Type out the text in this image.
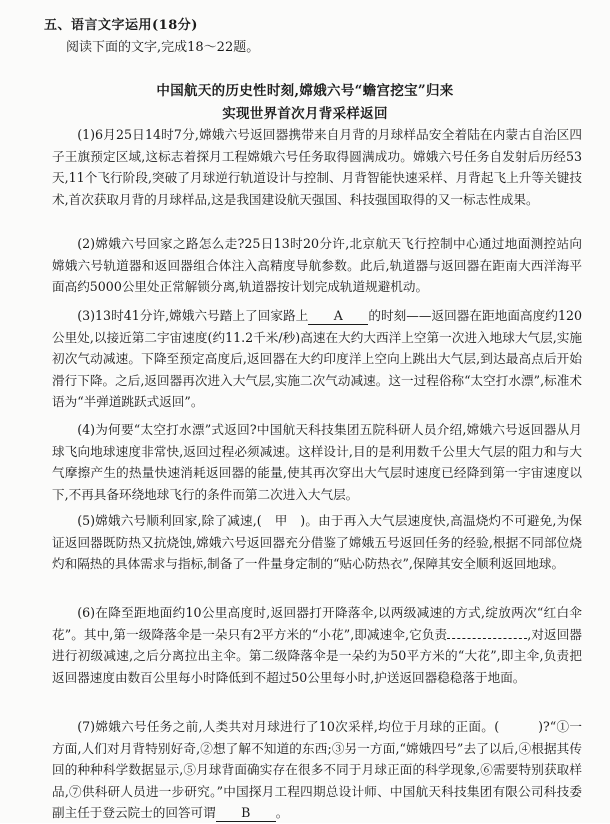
五、语言文字运用(18分)
阅读下面的文字,完成18～22题。
中国航天的历史性时刻,嫦娥六号“蟾宫挖宝”归来
实现世界首次月背采样返回
(1)6月25日14时7分,嫦娥六号返回器携带来自月背的月球样品安全着陆在内蒙古自治区四子王旗预定区域,这标志着探月工程嫦娥六号任务取得圆满成功。嫦娥六号任务自发射后历经53天,11个飞行阶段,突破了月球逆行轨道设计与控制、月背智能快速采样、月背起飞上升等关键技术,首次获取月背的月球样品,这是我国建设航天强国、科技强国取得的又一标志性成果。
(2)嫦娥六号回家之路怎么走?25日13时20分许,北京航天飞行控制中心通过地面测控站向嫦娥六号轨道器和返回器组合体注入高精度导航参数。此后,轨道器与返回器在距南大西洋海平面高约5000公里处正常解锁分离,轨道器按计划完成轨道规避机动。
(3)13时41分许,嫦娥六号踏上了回家路上 A 的时刻——返回器在距地面高度约120公里处,以接近第二宇宙速度(约11.2千米/秒)高速在大约大西洋上空第一次进入地球大气层,实施初次气动减速。下降至预定高度后,返回器在大约印度洋上空向上跳出大气层,到达最高点后开始滑行下降。之后,返回器再次进入大气层,实施二次气动减速。这一过程俗称“太空打水漂”,标准术语为“半弹道跳跃式返回”。
(4)为何要“太空打水漂”式返回?中国航天科技集团五院科研人员介绍,嫦娥六号返回器从月球飞向地球速度非常快,返回过程必须减速。这样设计,目的是利用数千公里大气层的阻力和与大气摩擦产生的热量快速消耗返回器的能量,使其再次穿出大气层时速度已经降到第一宇宙速度以下,不再具备环绕地球飞行的条件而第二次进入大气层。
(5)嫦娥六号顺利回家,除了减速,(　甲　)。由于再入大气层速度快,高温烧灼不可避免,为保证返回器既防热又抗烧蚀,嫦娥六号返回器充分借鉴了嫦娥五号返回任务的经验,根据不同部位烧灼和隔热的具体需求与指标,制备了一件量身定制的“贴心防热衣”,保障其安全顺利返回地球。
(6)在降至距地面约10公里高度时,返回器打开降落伞,以两级减速的方式,绽放两次“红白伞花”。其中,第一级降落伞是一朵只有2平方米的“小花”,即减速伞,它负责	,对返回器进行初级减速,之后分离拉出主伞。第二级降落伞是一朵约为50平方米的“大花”,即主伞,负责把返回器速度由数百公里每小时降低到不超过50公里每小时,护送返回器稳稳落于地面。
(7)嫦娥六号任务之前,人类共对月球进行了10次采样,均位于月球的正面。(　　　)?“①一方面,人们对月背特别好奇,②想了解不知道的东西;③另一方面,“嫦娥四号”去了以后,④根据其传回的种种科学数据显示,⑤月球背面确实存在很多不同于月球正面的科学现象,⑥需要特别获取样品,⑦供科研人员进一步研究。”中国探月工程四期总设计师、中国航天科技集团有限公司科技委副主任于登云院士的回答可谓 B 。
